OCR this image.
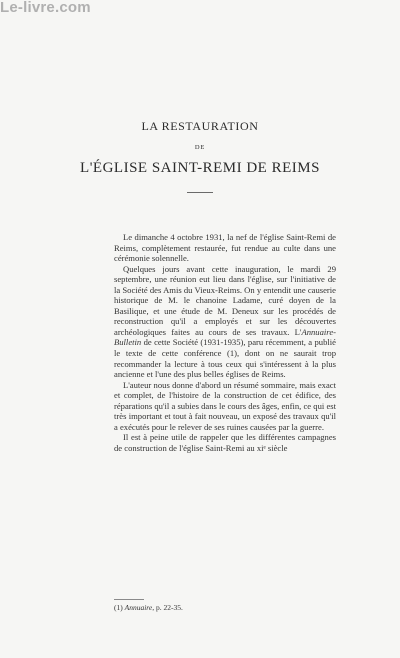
Le-livre.com

LA RESTAURATION

DE

L'ÉGLISE SAINT-REMI DE REIMS

Le dimanche 4 octobre 1931, la nef de l'église Saint-Remi de Reims, complètement restaurée, fut rendue au culte dans une cérémonie solennelle.

Quelques jours avant cette inauguration, le mardi 29 septembre, une réunion eut lieu dans l'église, sur l'initiative de la Société des Amis du Vieux-Reims. On y entendit une causerie historique de M. le chanoine Ladame, curé doyen de la Basilique, et une étude de M. Deneux sur les procédés de reconstruction qu'il a employés et sur les découvertes archéologiques faites au cours de ses travaux. L'Annuaire-Bulletin de cette Société (1931-1935), paru récemment, a publié le texte de cette conférence (1), dont on ne saurait trop recommander la lecture à tous ceux qui s'intéressent à la plus ancienne et l'une des plus belles églises de Reims.

L'auteur nous donne d'abord un résumé sommaire, mais exact et complet, de l'histoire de la construction de cet édifice, des réparations qu'il a subies dans le cours des âges, enfin, ce qui est très important et tout à fait nouveau, un exposé des travaux qu'il a exécutés pour le relever de ses ruines causées par la guerre.

Il est à peine utile de rappeler que les différentes campagnes de construction de l'église Saint-Remi au xiᵉ siècle

(1) Annuaire, p. 22-35.
